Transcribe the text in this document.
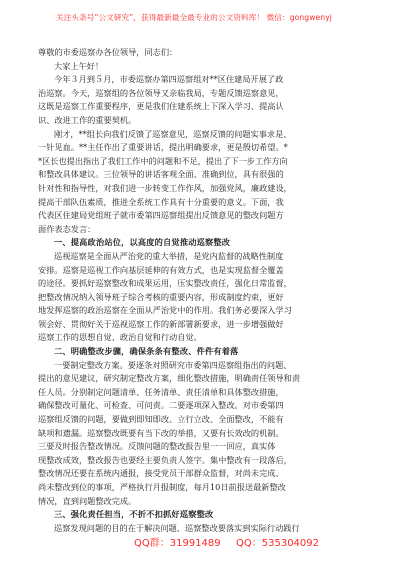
关注头条号“公文研究”，获得最新最全最专业的公文资料库！ 微信：gongwenyj
尊敬的市委巡察办各位领导，同志们：
大家上午好！
今年３月到５月，市委巡察办第四巡察组对**区住建局开展了政
治巡察。今天，巡察组的各位领导又亲临我局，专题反馈巡察意见，
这既是巡察工作重要程序，更是我们住建系统上下深入学习、提高认
识、改进工作的重要契机。
刚才，**组长向我们反馈了巡察意见，巡察反馈的问题实事求是、
一针见血。**主任作出了重要讲话，提出明确要求，更是殷切希望。*
*区长也提出指出了我们工作中的问题和不足，提出了下一步工作方向
和整改具体建议。三位领导的讲话客观全面、准确到位，具有很强的
针对性和指导性，对我们进一步转变工作作风，加强党风，廉政建设，
提高干部队伍素质，推进全系统工作具有十分重要的意义。下面，我
代表区住建局党组班子就市委第四巡察组提出反馈意见的整改问题方
面作表态发言：
一、提高政治站位，以高度的自觉推动巡察整改
巡视巡察是全面从严治党的重大举措，是党内监督的战略性制度
安排。巡察是巡视工作向基层延伸的有效方式，也是实现监督全覆盖
的途径。要抓好巡察整改和成果运用，压实整改责任，强化日常监督，
把整改情况纳入领导班子综合考核的重要内容，形成制度约束，更好
地发挥巡察的政治巡察在全面从严治党中的作用。我们务必要深入学习
领会好、贯彻好关于巡视巡察工作的新部署新要求，进一步增强做好
巡察工作的思想自觉、政治自觉和行动自觉。
二、明确整改步骤，确保条条有整改、件件有着落
一要制定整改方案。要逐条对照研究市委第四巡察组指出的问题、
提出的意见建议，研究制定整改方案，细化整改措施，明确责任领导和责
任人员。分别制定问题清单、任务清单、责任清单和具体整改措施，
确保整改可量化、可检查、可问责。二要逐项深入整改。对市委第四
巡察组反馈的问题，要做到即知即改、立行立改、全面整改，不能有
缺项和遗漏。巡察整改既要有当下改的举措，又要有长效改的机制。
三要及时报告整改情况。反馈问题的整改报告里一一回应，真实体
现整改成效，整改报告也要经主要负责人签字。集中整改有一段落后，
整改情况还要在系统内通报，接受党员干部群众监督，对尚未完成、
尚未整改到位的事项，严格执行月报制度，每月10日前报送最新整改
情况，直到问题整改完成。
三、强化责任担当，不折不扣抓好巡察整改
巡察发现问题的目的在于解决问题，巡察整改要落实到实际行动践行
QQ群：31991489 QQ：535304092
